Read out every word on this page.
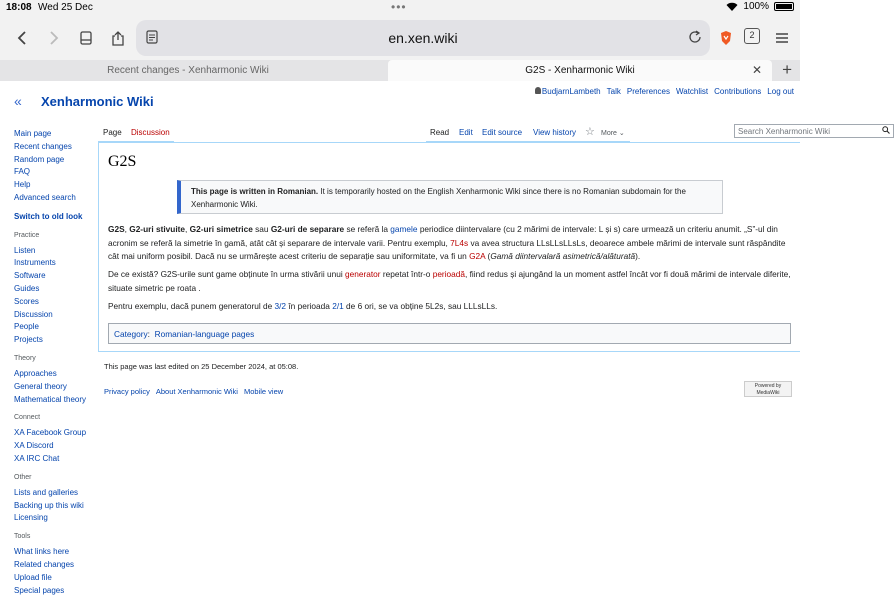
18:08 Wed 25 Dec	•••	100%
en.xen.wiki	2
Recent changes - Xenharmonic Wiki	G2S - Xenharmonic Wiki	✕ +
« Xenharmonic Wiki
BudjarnLambeth Talk Preferences Watchlist Contributions Log out
Main page
Recent changes
Random page
FAQ
Help
Advanced search
Switch to old look
Practice
Listen
Instruments
Software
Guides
Scores
Discussion
People
Projects
Theory
Approaches
General theory
Mathematical theory
Connect
XA Facebook Group
XA Discord
XA IRC Chat
Other
Lists and galleries
Backing up this wiki
Licensing
Tools
What links here
Related changes
Upload file
Special pages
Page Discussion	Read Edit Edit source View history ☆ More ⌄	Search Xenharmonic Wiki
G2S
This page is written in Romanian. It is temporarily hosted on the English Xenharmonic Wiki since there is no Romanian subdomain for the Xenharmonic Wiki.
G2S, G2-uri stivuite, G2-uri simetrice sau G2-uri de separare se referă la gamele periodice diintervalare (cu 2 mărimi de intervale: L și s) care urmează un criteriu anumit. „S”-ul din acronim se referă la simetrie în gamă, atât cât și separare de intervale varii. Pentru exemplu, 7L4s va avea structura LLsLLsLLsLs, deoarece ambele mărimi de intervale sunt răspândite cât mai uniform posibil. Dacă nu se urmărește acest criteriu de separație sau uniformitate, va fi un G2A (Gamă diintervalară asimetrică/alăturată).
De ce există? G2S-urile sunt game obținute în urma stivării unui generator repetat într-o perioadă, fiind redus și ajungând la un moment astfel încât vor fi două mărimi de intervale diferite, situate simetric pe roata .
Pentru exemplu, dacă punem generatorul de 3/2 în perioada 2/1 de 6 ori, se va obține 5L2s, sau LLLsLLs.
Category: Romanian-language pages
This page was last edited on 25 December 2024, at 05:08.
Privacy policy About Xenharmonic Wiki Mobile view
Powered by MediaWiki
